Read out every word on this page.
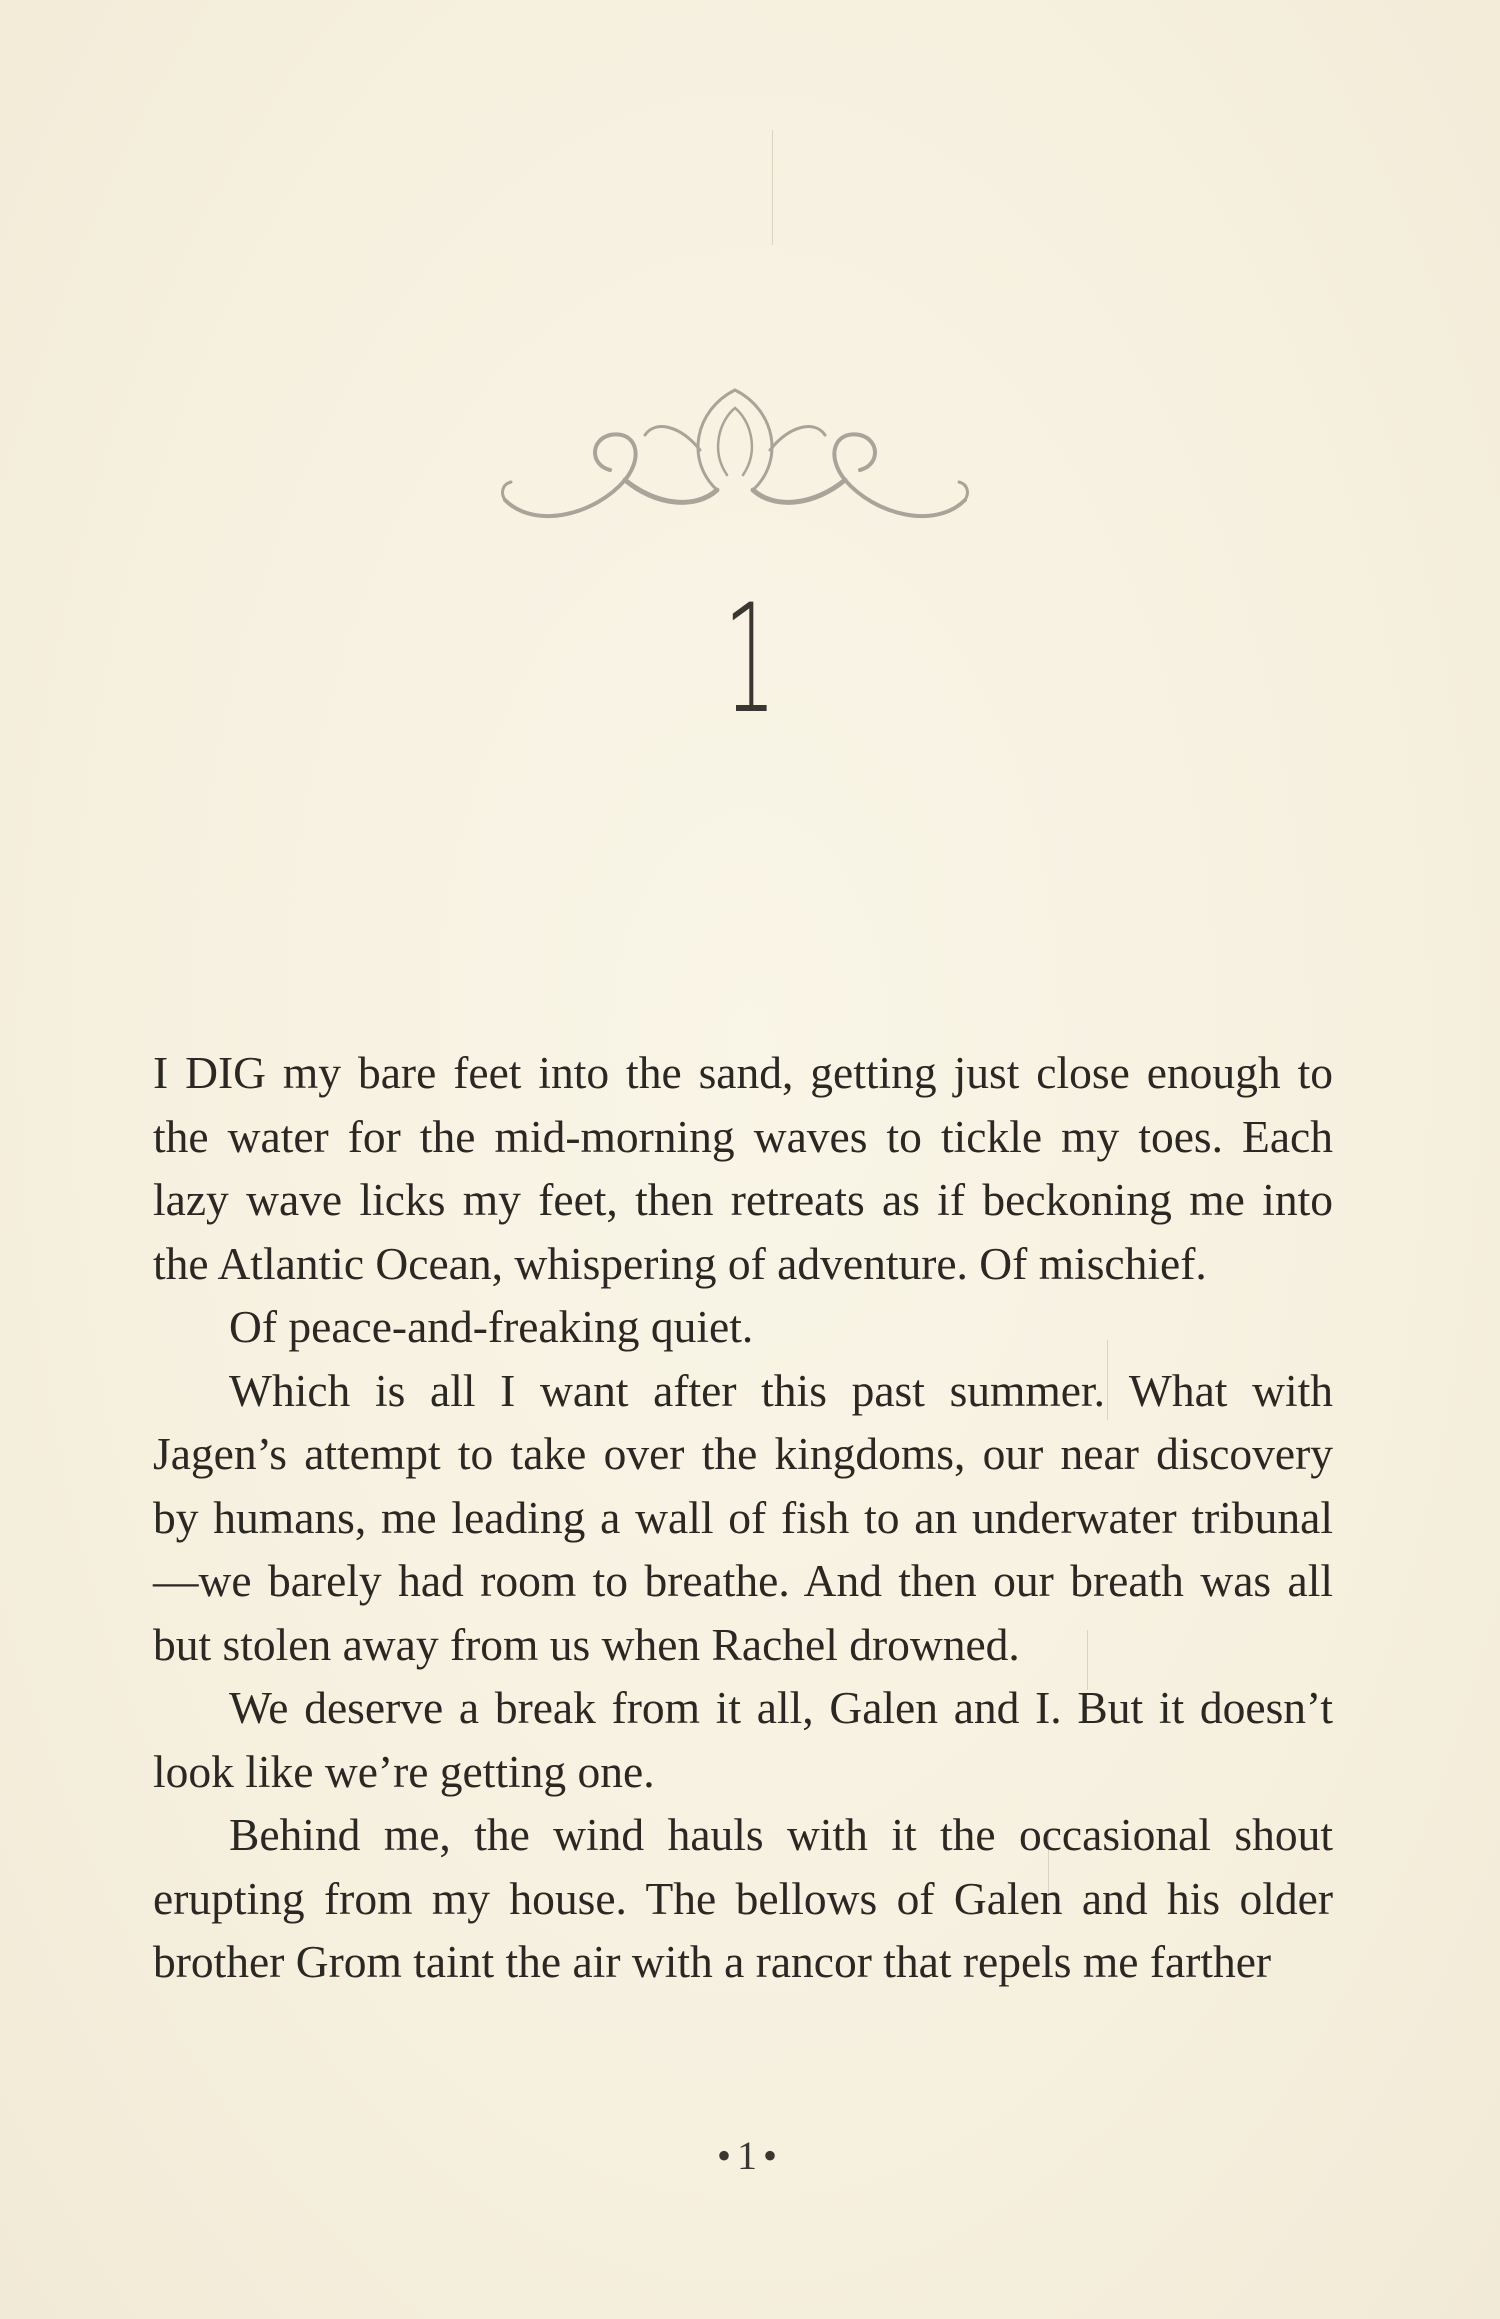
1

I DIG my bare feet into the sand, getting just close enough to the water for the mid-morning waves to tickle my toes. Each lazy wave licks my feet, then retreats as if beckoning me into the Atlantic Ocean, whispering of adventure. Of mischief.

Of peace-and-freaking quiet.

Which is all I want after this past summer. What with Jagen’s attempt to take over the kingdoms, our near discovery by humans, me leading a wall of fish to an underwater tribunal—we barely had room to breathe. And then our breath was all but stolen away from us when Rachel drowned.

We deserve a break from it all, Galen and I. But it doesn’t look like we’re getting one.

Behind me, the wind hauls with it the occasional shout erupting from my house. The bellows of Galen and his older brother Grom taint the air with a rancor that repels me farther

•1•
